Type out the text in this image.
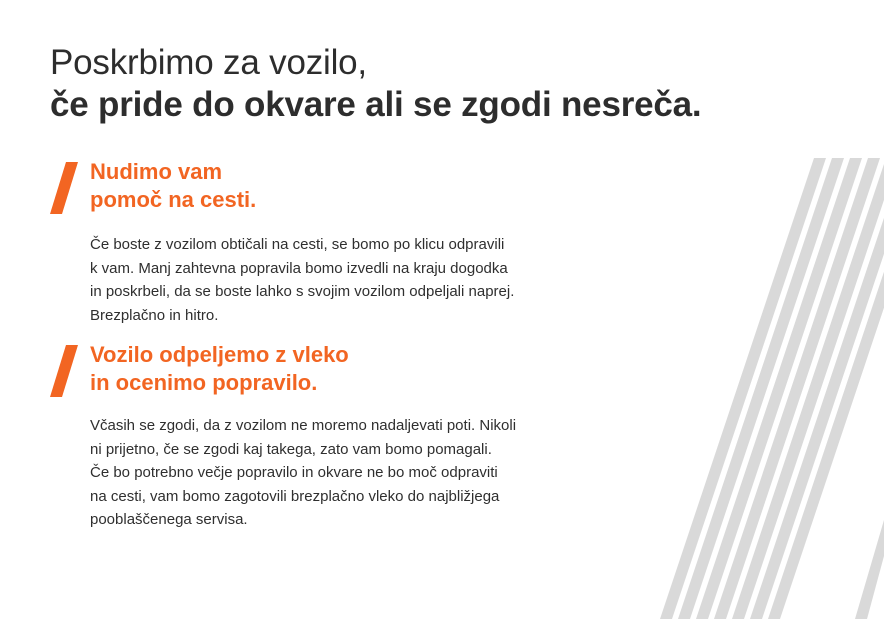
Poskrbimo za vozilo,
če pride do okvare ali se zgodi nesreča.
Nudimo vam
pomoč na cesti.

Če boste z vozilom obtičali na cesti, se bomo po klicu odpravili
k vam. Manj zahtevna popravila bomo izvedli na kraju dogodka
in poskrbeli, da se boste lahko s svojim vozilom odpeljali naprej.
Brezplačno in hitro.

Vozilo odpeljemo z vleko
in ocenimo popravilo.

Včasih se zgodi, da z vozilom ne moremo nadaljevati poti. Nikoli
ni prijetno, če se zgodi kaj takega, zato vam bomo pomagali.
Če bo potrebno večje popravilo in okvare ne bo moč odpraviti
na cesti, vam bomo zagotovili brezplačno vleko do najbližjega
pooblaščenega servisa.
